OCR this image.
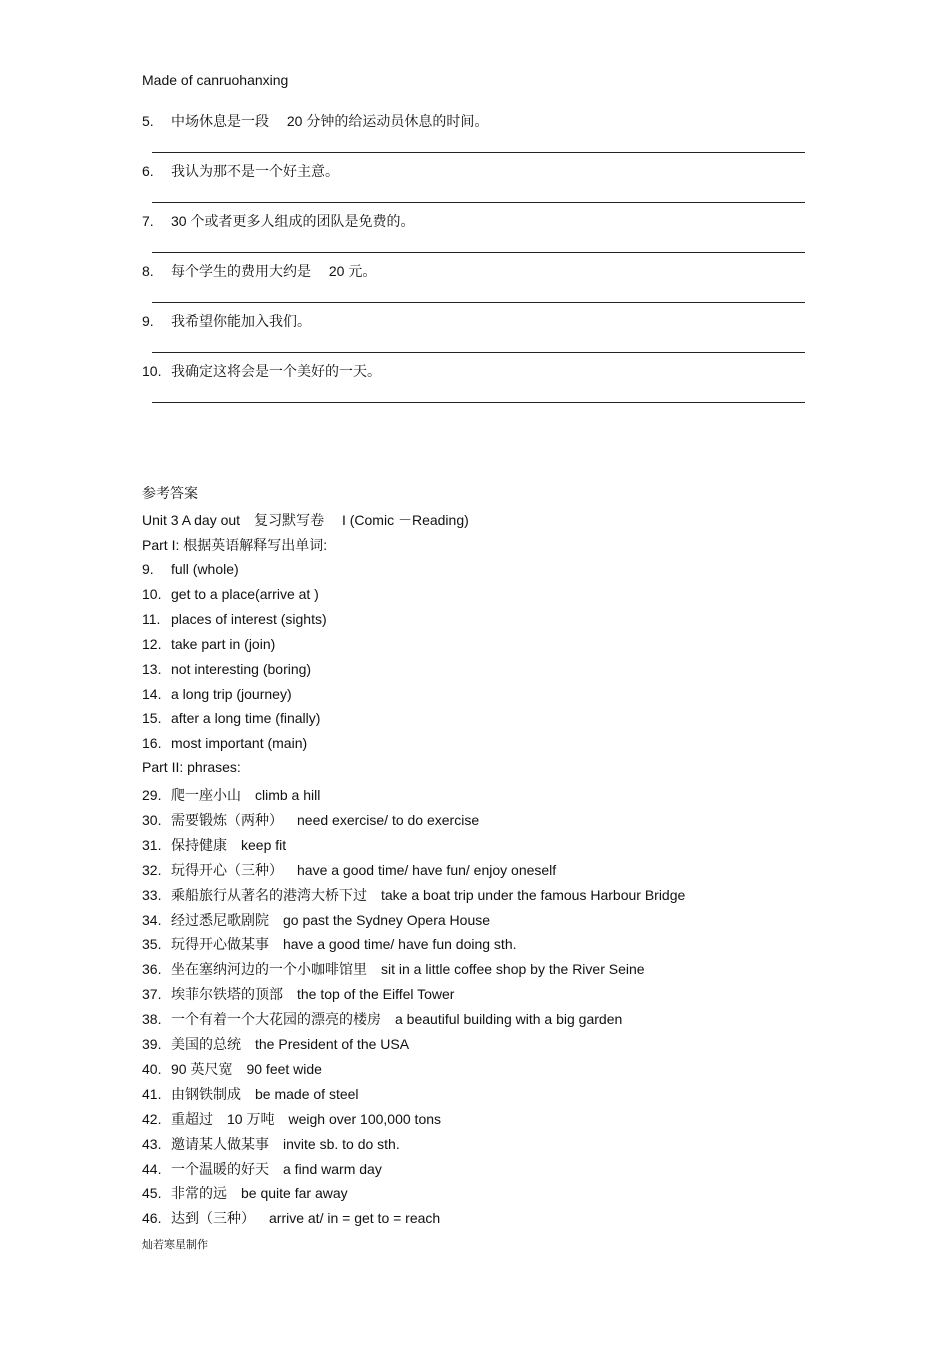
Made of canruohanxing
5. 中场休息是一段　 20 分钟的给运动员休息的时间。
6. 我认为那不是一个好主意。
7. 30 个或者更多人组成的团队是免费的。
8. 每个学生的费用大约是　 20 元。
9. 我希望你能加入我们。
10. 我确定这将会是一个美好的一天。
参考答案
Unit 3 A day out　复习默写卷　 I (Comic －Reading)
Part I: 根据英语解释写出单词:
9. full (whole)
10. get to a place(arrive at )
11. places of interest (sights)
12. take part in (join)
13. not interesting (boring)
14. a long trip (journey)
15. after a long time (finally)
16. most important (main)
Part II: phrases:
29. 爬一座小山 climb a hill
30. 需要锻炼（两种） need exercise/ to do exercise
31. 保持健康 keep fit
32. 玩得开心（三种） have a good time/ have fun/ enjoy oneself
33. 乘船旅行从著名的港湾大桥下过 take a boat trip under the famous Harbour Bridge
34. 经过悉尼歌剧院 go past the Sydney Opera House
35. 玩得开心做某事 have a good time/ have fun doing sth.
36. 坐在塞纳河边的一个小咖啡馆里 sit in a little coffee shop by the River Seine
37. 埃菲尔铁塔的顶部 the top of the Eiffel Tower
38. 一个有着一个大花园的漂亮的楼房 a beautiful building with a big garden
39. 美国的总统 the President of the USA
40. 90 英尺宽 90 feet wide
41. 由钢铁制成 be made of steel
42. 重超过　10 万吨 weigh over 100,000 tons
43. 邀请某人做某事 invite sb. to do sth.
44. 一个温暖的好天 a find warm day
45. 非常的远 be quite far away
46. 达到（三种） arrive at/ in = get to = reach
灿若寒星制作
